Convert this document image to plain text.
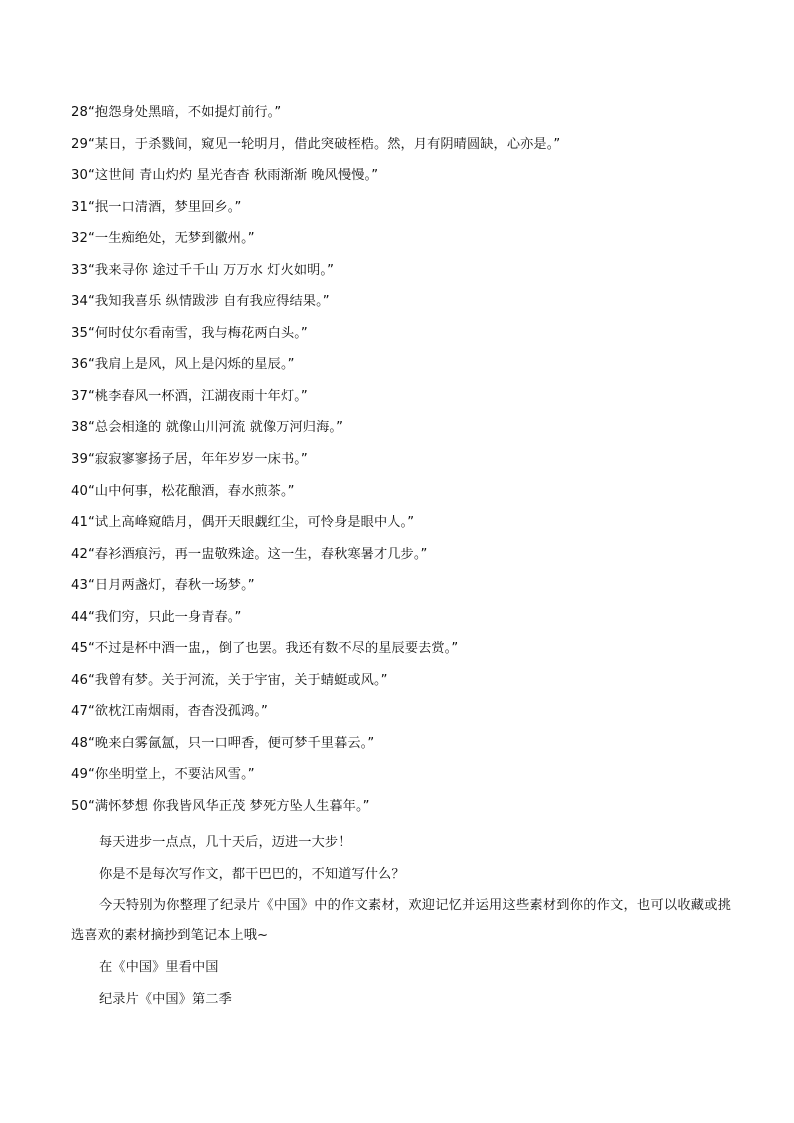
28“抱怨身处黑暗，不如提灯前行。”
29“某日，于杀戮间，窥见一轮明月，借此突破桎梏。然，月有阴晴圆缺，心亦是。”
30“这世间 青山灼灼 星光杳杳 秋雨渐渐 晚风慢慢。”
31“抿一口清酒，梦里回乡。”
32“一生痴绝处，无梦到徽州。”
33“我来寻你 途过千千山 万万水 灯火如明。”
34“我知我喜乐 纵情跋涉 自有我应得结果。”
35“何时仗尔看南雪，我与梅花两白头。”
36“我肩上是风，风上是闪烁的星辰。”
37“桃李春风一杯酒，江湖夜雨十年灯。”
38“总会相逢的 就像山川河流 就像万河归海。”
39“寂寂寥寥扬子居，年年岁岁一床书。”
40“山中何事，松花酿酒，春水煎茶。”
41“试上高峰窥皓月，偶开天眼觑红尘，可怜身是眼中人。”
42“春衫酒痕污，再一盅敬殊途。这一生，春秋寒暑才几步。”
43“日月两盏灯，春秋一场梦。”
44“我们穷，只此一身青春。”
45“不过是杯中酒一盅,，倒了也罢。我还有数不尽的星辰要去赏。”
46“我曾有梦。关于河流，关于宇宙，关于蜻蜓或风。”
47“欲枕江南烟雨，杳杳没孤鸿。”
48“晚来白雾氤氲，只一口呷香，便可梦千里暮云。”
49“你坐明堂上，不要沾风雪。”
50“满怀梦想 你我皆风华正茂 梦死方坠人生暮年。”

每天进步一点点，几十天后，迈进一大步！

你是不是每次写作文，都干巴巴的，不知道写什么？

今天特别为你整理了纪录片《中国》中的作文素材，欢迎记忆并运用这些素材到你的作文，也可以收藏或挑选喜欢的素材摘抄到笔记本上哦~

在《中国》里看中国

纪录片《中国》第二季
